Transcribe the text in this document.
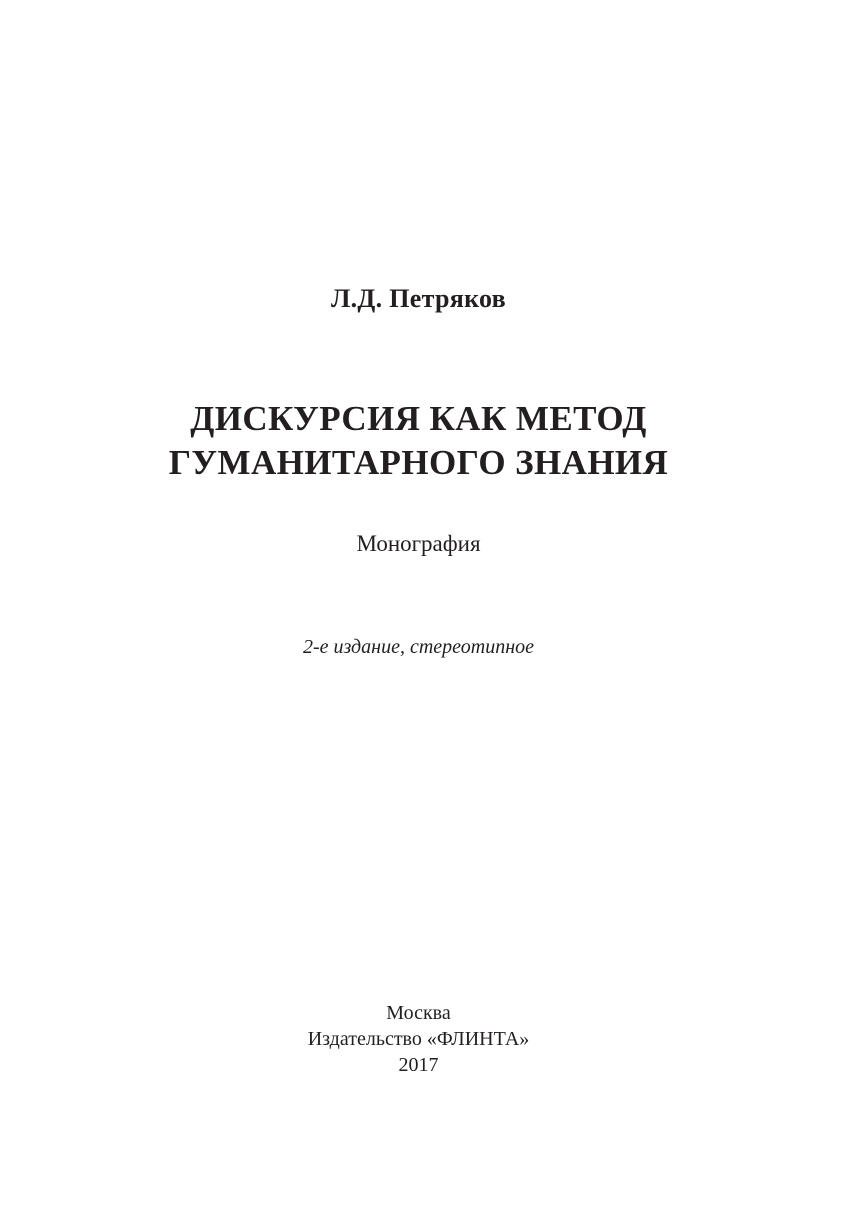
Л.Д. Петряков
ДИСКУРСИЯ КАК МЕТОД
ГУМАНИТАРНОГО ЗНАНИЯ
Монография
2-е издание, стереотипное
Москва
Издательство «ФЛИНТА»
2017
